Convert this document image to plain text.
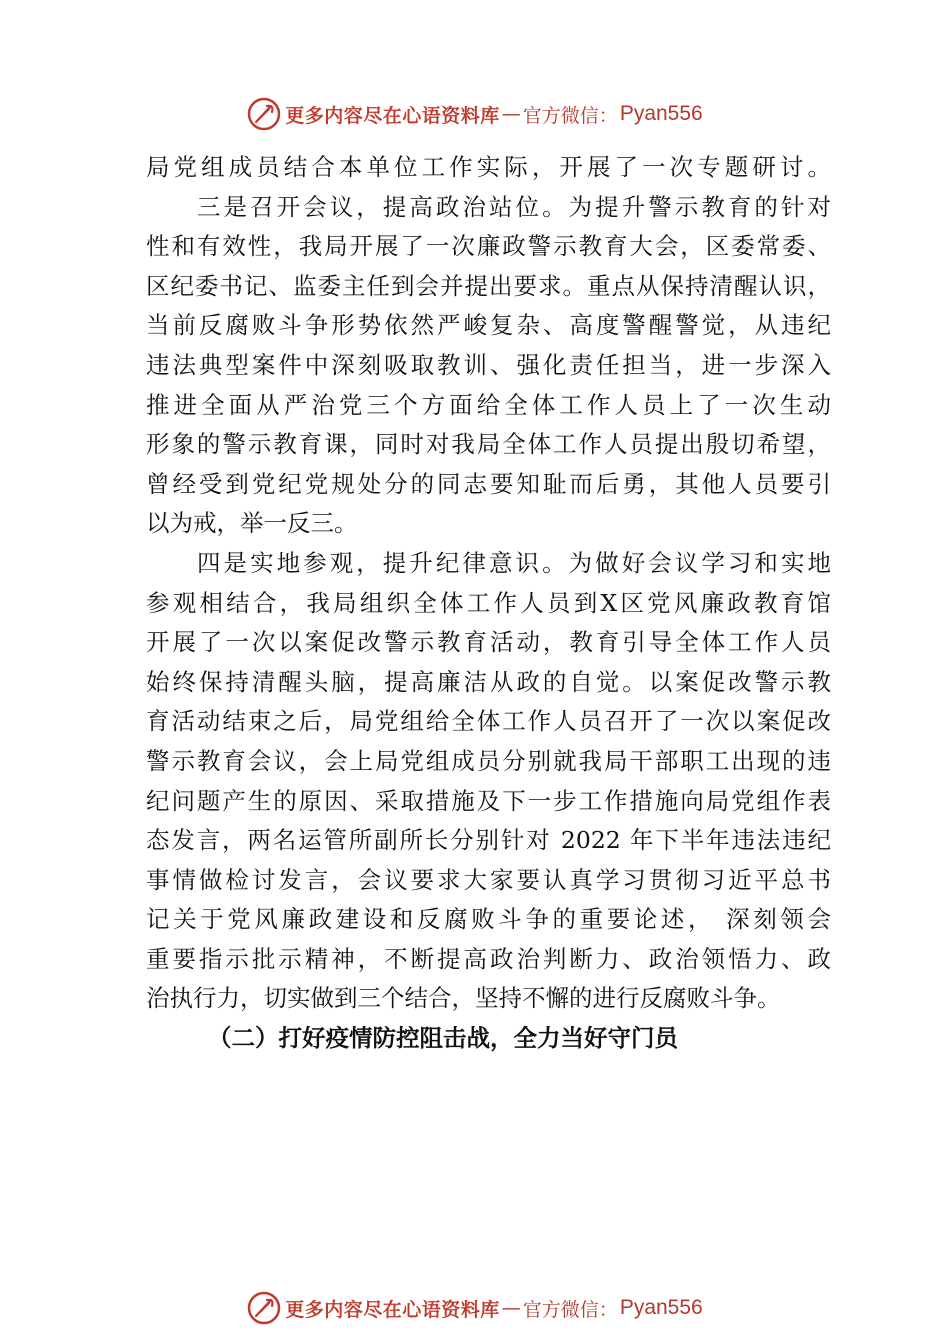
更多内容尽在心语资料库 — 官方微信： Pyan556
局党组成员结合本单位工作实际，开展了一次专题研讨。
三是召开会议，提高政治站位。为提升警示教育的针对
性和有效性，我局开展了一次廉政警示教育大会，区委常委、
区纪委书记、监委主任到会并提出要求。重点从保持清醒认识，
当前反腐败斗争形势依然严峻复杂、高度警醒警觉，从违纪
违法典型案件中深刻吸取教训、强化责任担当，进一步深入
推进全面从严治党三个方面给全体工作人员上了一次生动
形象的警示教育课，同时对我局全体工作人员提出殷切希望，
曾经受到党纪党规处分的同志要知耻而后勇，其他人员要引
以为戒，举一反三。
四是实地参观，提升纪律意识。为做好会议学习和实地
参观相结合，我局组织全体工作人员到X区党风廉政教育馆
开展了一次以案促改警示教育活动，教育引导全体工作人员
始终保持清醒头脑，提高廉洁从政的自觉。以案促改警示教
育活动结束之后，局党组给全体工作人员召开了一次以案促改
警示教育会议，会上局党组成员分别就我局干部职工出现的违
纪问题产生的原因、采取措施及下一步工作措施向局党组作表
态发言，两名运管所副所长分别针对 2022 年下半年违法违纪
事情做检讨发言，会议要求大家要认真学习贯彻习近平总书
记关于党风廉政建设和反腐败斗争的重要论述， 深刻领会
重要指示批示精神，不断提高政治判断力、政治领悟力、政
治执行力，切实做到三个结合，坚持不懈的进行反腐败斗争。
（二）打好疫情防控阻击战，全力当好守门员
更多内容尽在心语资料库 — 官方微信： Pyan556
